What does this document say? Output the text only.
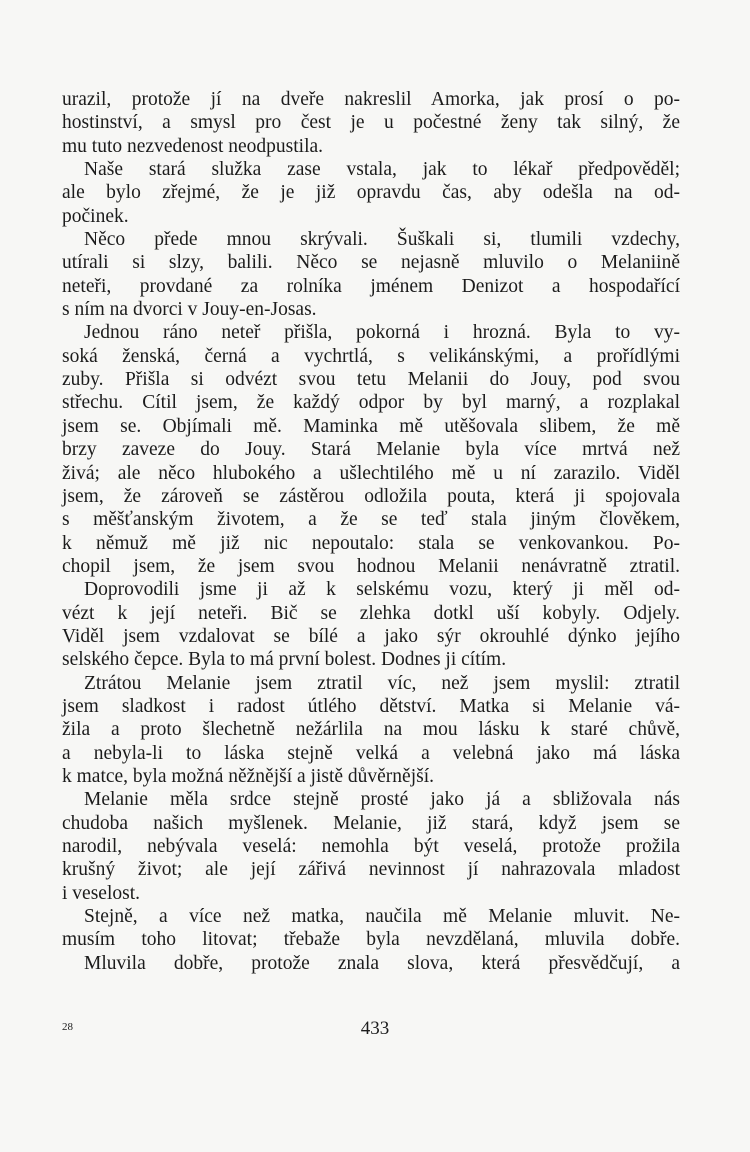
urazil, protože jí na dveře nakreslil Amorka, jak prosí o po-
hostinství, a smysl pro čest je u počestné ženy tak silný, že
mu tuto nezvedenost neodpustila.
Naše stará služka zase vstala, jak to lékař předpověděl;
ale bylo zřejmé, že je již opravdu čas, aby odešla na od-
počinek.
Něco přede mnou skrývali. Šuškali si, tlumili vzdechy,
utírali si slzy, balili. Něco se nejasně mluvilo o Melaniině
neteři, provdané za rolníka jménem Denizot a hospodařící
s ním na dvorci v Jouy-en-Josas.
Jednou ráno neteř přišla, pokorná i hrozná. Byla to vy-
soká ženská, černá a vychrtlá, s velikánskými, a prořídlými
zuby. Přišla si odvézt svou tetu Melanii do Jouy, pod svou
střechu. Cítil jsem, že každý odpor by byl marný, a rozplakal
jsem se. Objímali mě. Maminka mě utěšovala slibem, že mě
brzy zaveze do Jouy. Stará Melanie byla více mrtvá než
živá; ale něco hlubokého a ušlechtilého mě u ní zarazilo. Viděl
jsem, že zároveň se zástěrou odložila pouta, která ji spojovala
s měšťanským životem, a že se teď stala jiným člověkem,
k němuž mě již nic nepoutalo: stala se venkovankou. Po-
chopil jsem, že jsem svou hodnou Melanii nenávratně ztratil.
Doprovodili jsme ji až k selskému vozu, který ji měl od-
vézt k její neteři. Bič se zlehka dotkl uší kobyly. Odjely.
Viděl jsem vzdalovat se bílé a jako sýr okrouhlé dýnko jejího
selského čepce. Byla to má první bolest. Dodnes ji cítím.
Ztrátou Melanie jsem ztratil víc, než jsem myslil: ztratil
jsem sladkost i radost útlého dětství. Matka si Melanie vá-
žila a proto šlechetně nežárlila na mou lásku k staré chůvě,
a nebyla-li to láska stejně velká a velebná jako má láska
k matce, byla možná něžnější a jistě důvěrnější.
Melanie měla srdce stejně prosté jako já a sbližovala nás
chudoba našich myšlenek. Melanie, již stará, když jsem se
narodil, nebývala veselá: nemohla být veselá, protože prožila
krušný život; ale její zářivá nevinnost jí nahrazovala mladost
i veselost.
Stejně, a více než matka, naučila mě Melanie mluvit. Ne-
musím toho litovat; třebaže byla nevzdělaná, mluvila dobře.
Mluvila dobře, protože znala slova, která přesvědčují, a
28	433
